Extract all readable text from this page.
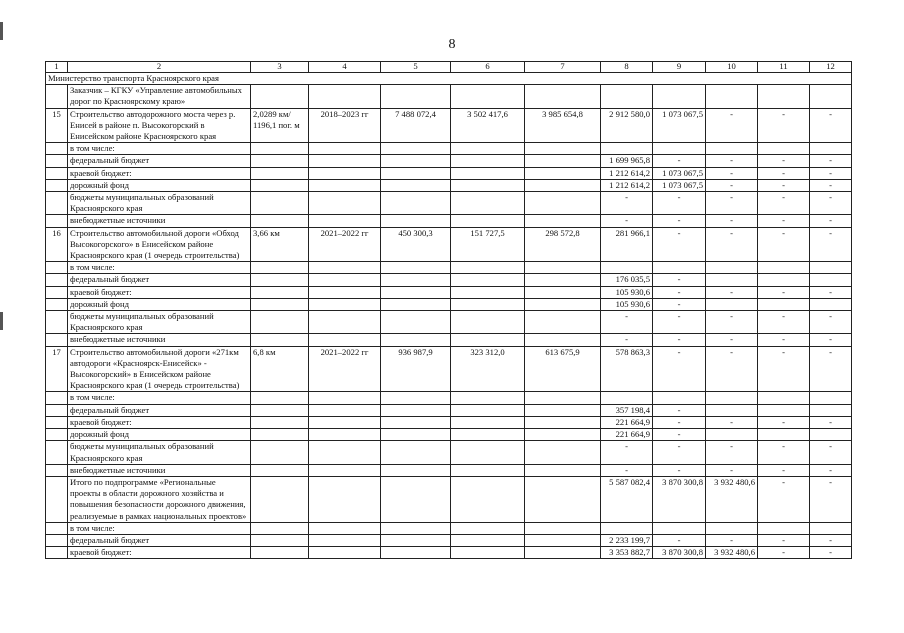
8
1	2	3	4	5	6	7	8	9	10	11	12
Министерство транспорта Красноярского края											
	Заказчик – КГКУ «Управление автомобильных дорог по Красноярскому краю»										
15	Строительство автодорожного моста через р. Енисей в районе п. Высокогорский в Енисейском районе Красноярского края	2,0289 км/ 1196,1 пог. м	2018–2023 гг	7 488 072,4	3 502 417,6	3 985 654,8	2 912 580,0	1 073 067,5	-	-	-
	в том числе:										
	федеральный бюджет						1 699 965,8	-	-	-	-
	краевой бюджет:						1 212 614,2	1 073 067,5	-	-	-
	дорожный фонд						1 212 614,2	1 073 067,5	-	-	-
	бюджеты муниципальных образований Красноярского края						-	-	-	-	-
	внебюджетные источники						-	-	-	-	-
16	Строительство автомобильной дороги «Обход Высокогорского» в Енисейском районе Красноярского края (1 очередь строительства)	3,66 км	2021–2022 гг	450 300,3	151 727,5	298 572,8	281 966,1	-	-	-	-
	в том числе:										
	федеральный бюджет						176 035,5	-			
	краевой бюджет:						105 930,6	-	-	-	-
	дорожный фонд						105 930,6	-			
	бюджеты муниципальных образований Красноярского края						-	-	-	-	-
	внебюджетные источники						-	-	-	-	-
17	Строительство автомобильной дороги «271км автодороги «Красноярск-Енисейск» - Высокогорский» в Енисейском районе Красноярского края (1 очередь строительства)	6,8 км	2021–2022 гг	936 987,9	323 312,0	613 675,9	578 863,3	-	-	-	-
	в том числе:										
	федеральный бюджет						357 198,4	-			
	краевой бюджет:						221 664,9	-	-	-	-
	дорожный фонд						221 664,9	-			
	бюджеты муниципальных образований Красноярского края						-	-	-	-	-
	внебюджетные источники						-	-	-	-	-
	Итого по подпрограмме «Региональные проекты в области дорожного хозяйства и повышения безопасности дорожного движения, реализуемые в рамках национальных проектов»						5 587 082,4	3 870 300,8	3 932 480,6	-	-
	в том числе:										
	федеральный бюджет						2 233 199,7	-	-	-	-
	краевой бюджет:						3 353 882,7	3 870 300,8	3 932 480,6	-	-
